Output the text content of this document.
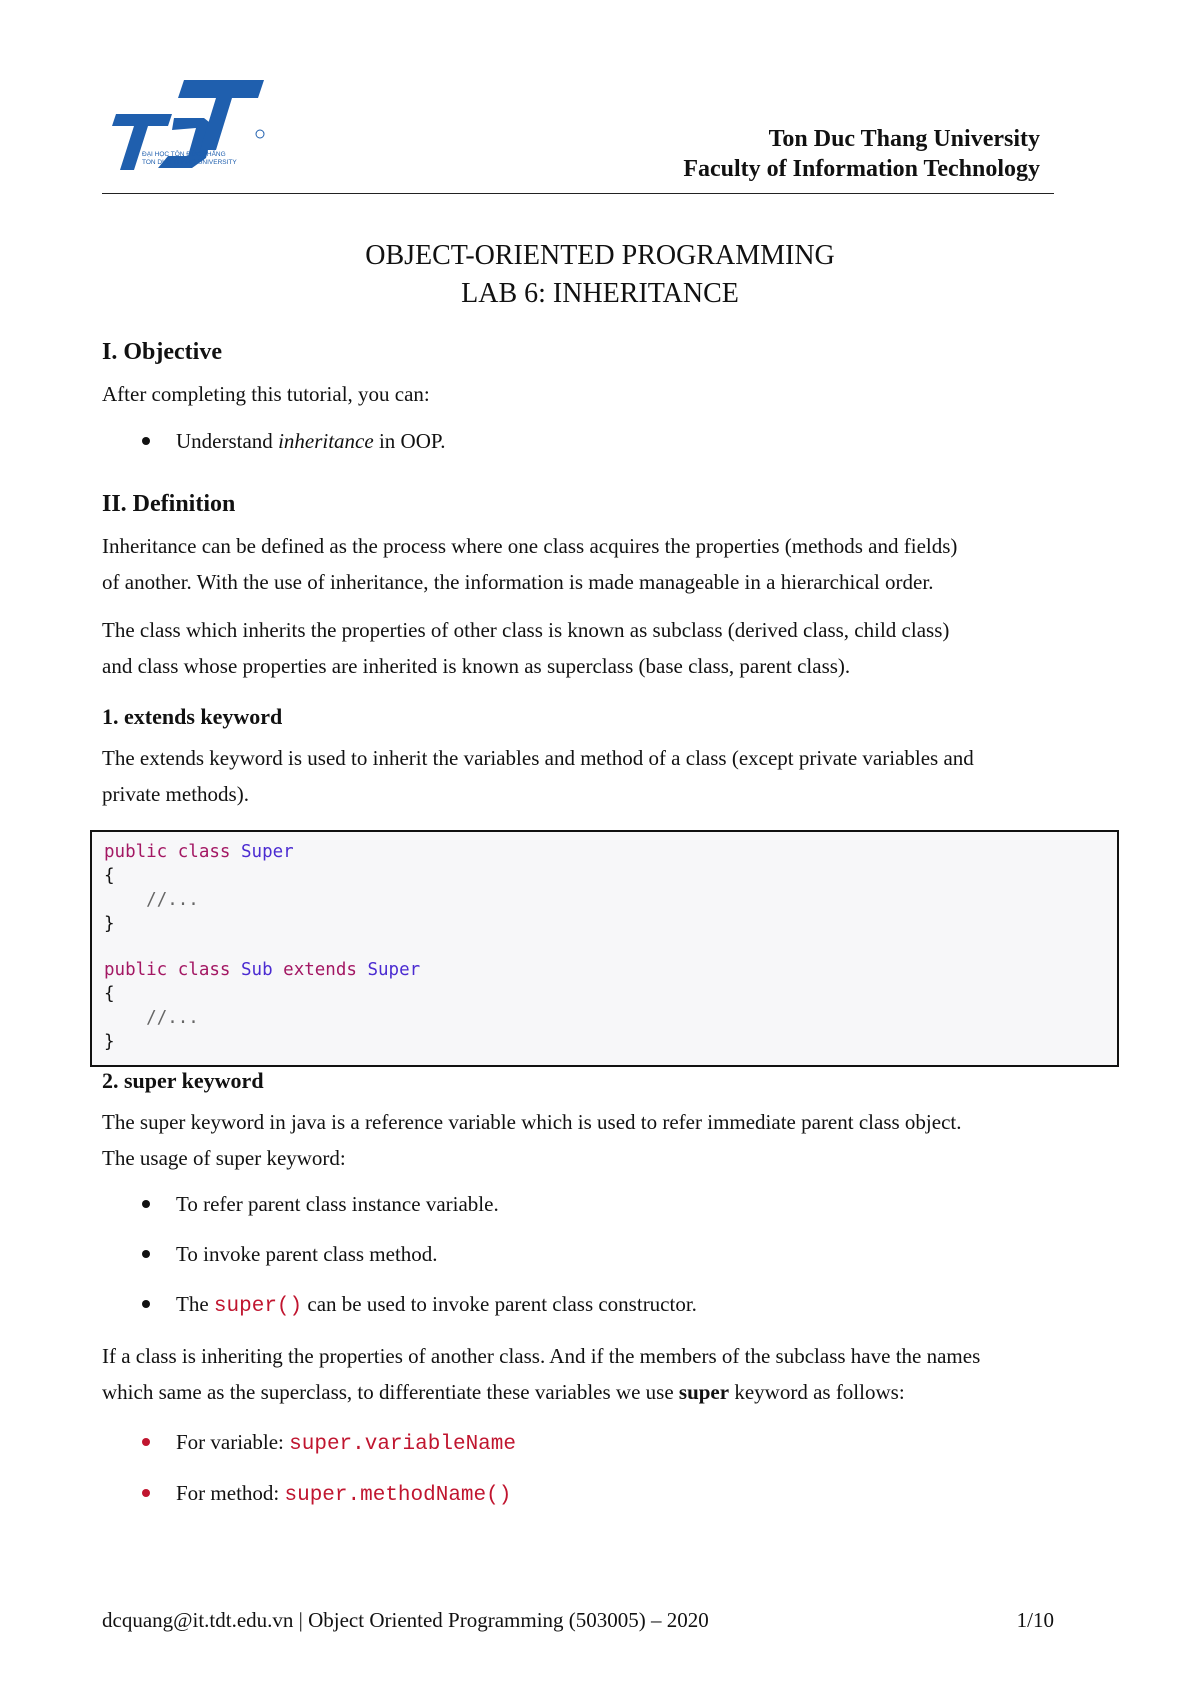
ĐẠI HỌC TÔN ĐỨC THẮNG
TON DUC THANG UNIVERSITY
Ton Duc Thang University
Faculty of Information Technology
OBJECT-ORIENTED PROGRAMMING
LAB 6: INHERITANCE
I. Objective
After completing this tutorial, you can:
Understand inheritance in OOP.
II. Definition
Inheritance can be defined as the process where one class acquires the properties (methods and fields)
of another. With the use of inheritance, the information is made manageable in a hierarchical order.
The class which inherits the properties of other class is known as subclass (derived class, child class)
and class whose properties are inherited is known as superclass (base class, parent class).
1. extends keyword
The extends keyword is used to inherit the variables and method of a class (except private variables and
private methods).
public class Super
{
//...
}
public class Sub extends Super
{
//...
}
2. super keyword
The super keyword in java is a reference variable which is used to refer immediate parent class object.
The usage of super keyword:
To refer parent class instance variable.
To invoke parent class method.
The super() can be used to invoke parent class constructor.
If a class is inheriting the properties of another class. And if the members of the subclass have the names
which same as the superclass, to differentiate these variables we use super keyword as follows:
For variable: super.variableName
For method: super.methodName()
dcquang@it.tdt.edu.vn | Object Oriented Programming (503005) – 2020	1/10
